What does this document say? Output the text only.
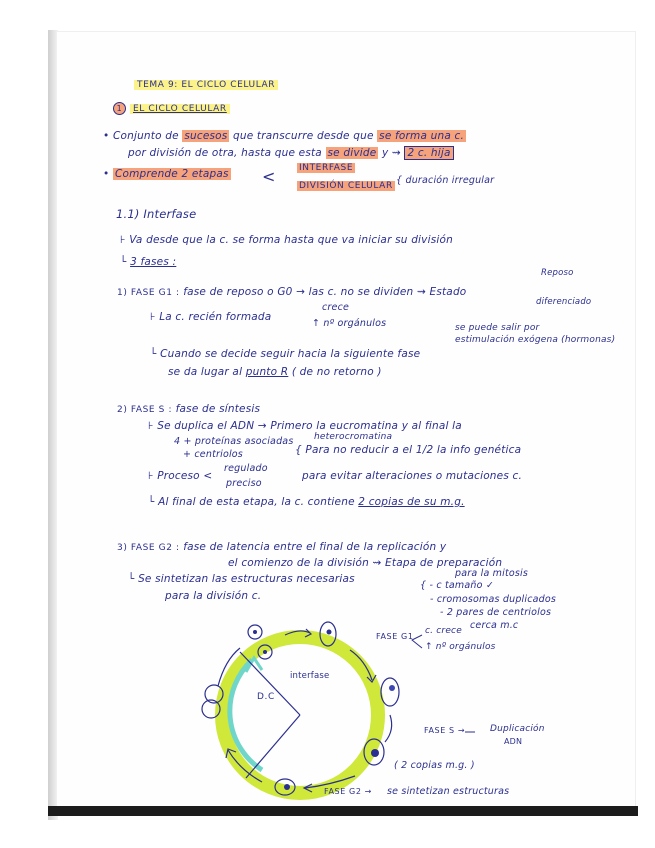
TEMA 9: EL CICLO CELULAR
1 EL CICLO CELULAR
• Conjunto de sucesos que transcurre desde que se forma una c.
por división de otra, hasta que esta se divide y ⇝ 2 c. hija
• Comprende 2 etapas <	INTERFASE
DIVISIÓN CELULAR { duración irregular
1.1) Interfase
⊦ Va desde que la c. se forma hasta que va iniciar su división
└ 3 fases :
1) FASE G1 : fase de reposo o G0 → las c. no se dividen ⇝ Estado
Reposo
diferenciado
⊦ La c. recién formada
crece
↑ nº orgánulos	se puede salir por
estimulación exógena (hormonas)
└ Cuando se decide seguir hacia la siguiente fase
se da lugar al punto R ( de no retorno )
2) FASE S : fase de síntesis
⊦ Se duplica el ADN → Primero la eucromatina y al final la
heterocromatina
4 + proteínas asociadas
+ centriolos	{ Para no reducir a el 1/2 la info genética
⊦ Proceso <
regulado
preciso
para evitar alteraciones o mutaciones c.
└ Al final de esta etapa, la c. contiene 2 copias de su m.g.
3) FASE G2 : fase de latencia entre el final de la replicación y
el comienzo de la división ⇝ Etapa de preparación
para la mitosis
└ Se sintetizan las estructuras necesarias
para la división c.
{ - c tamaño ✓
- cromosomas duplicados
- 2 pares de centriolos
cerca m.c
interfase
D.C
FASE G1
c. crece
↑ nº orgánulos
FASE S →	Duplicación
ADN
( 2 copias m.g. )
FASE G2 → se sintetizan estructuras
